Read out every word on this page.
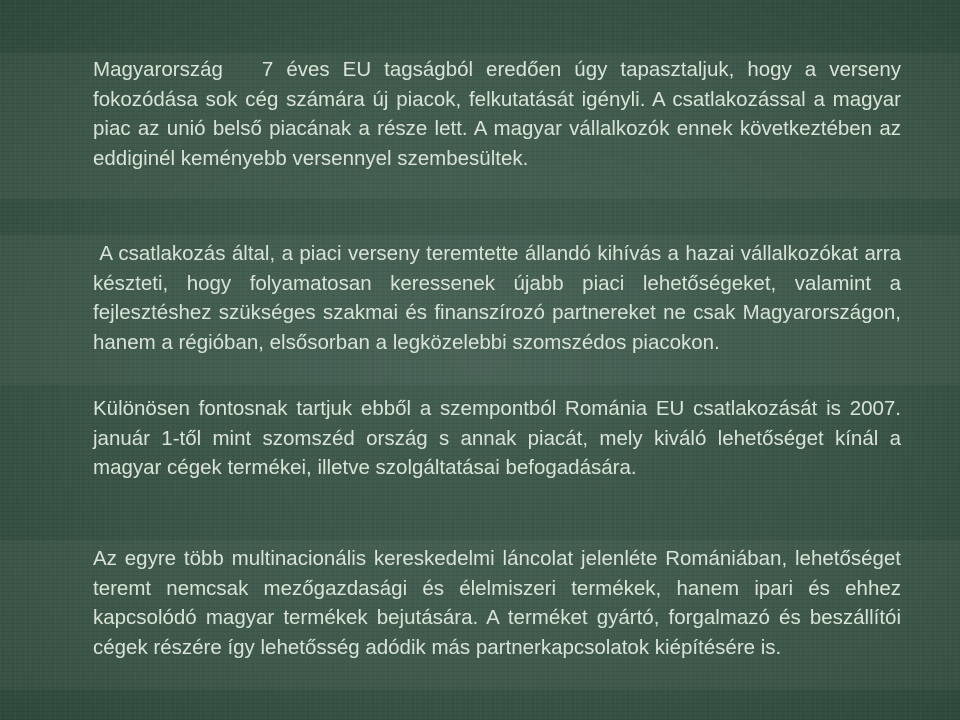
Magyarország   7 éves EU tagságból eredően úgy tapasztaljuk, hogy a verseny fokozódása sok cég számára új piacok, felkutatását igényli. A csatlakozással a magyar piac az unió belső piacának a része lett. A magyar vállalkozók ennek következtében az eddiginél keményebb versennyel szembesültek.

A csatlakozás által, a piaci verseny teremtette állandó kihívás a hazai vállalkozókat arra készteti, hogy folyamatosan keressenek újabb piaci lehetőségeket, valamint a fejlesztéshez szükséges szakmai és finanszírozó partnereket ne csak Magyarországon, hanem a régióban, elsősorban a legközelebbi szomszédos piacokon.

Különösen fontosnak tartjuk ebből a szempontból Románia EU csatlakozását is 2007. január 1-től mint szomszéd ország s annak piacát, mely kiváló lehetőséget kínál a magyar cégek termékei, illetve szolgáltatásai befogadására.

Az egyre több multinacionális kereskedelmi láncolat jelenléte Romániában, lehetőséget teremt nemcsak mezőgazdasági és élelmiszeri termékek, hanem ipari és ehhez kapcsolódó magyar termékek bejutására. A terméket gyártó, forgalmazó és beszállítói cégek részére így lehetősség adódik más partnerkapcsolatok kiépítésére is.
